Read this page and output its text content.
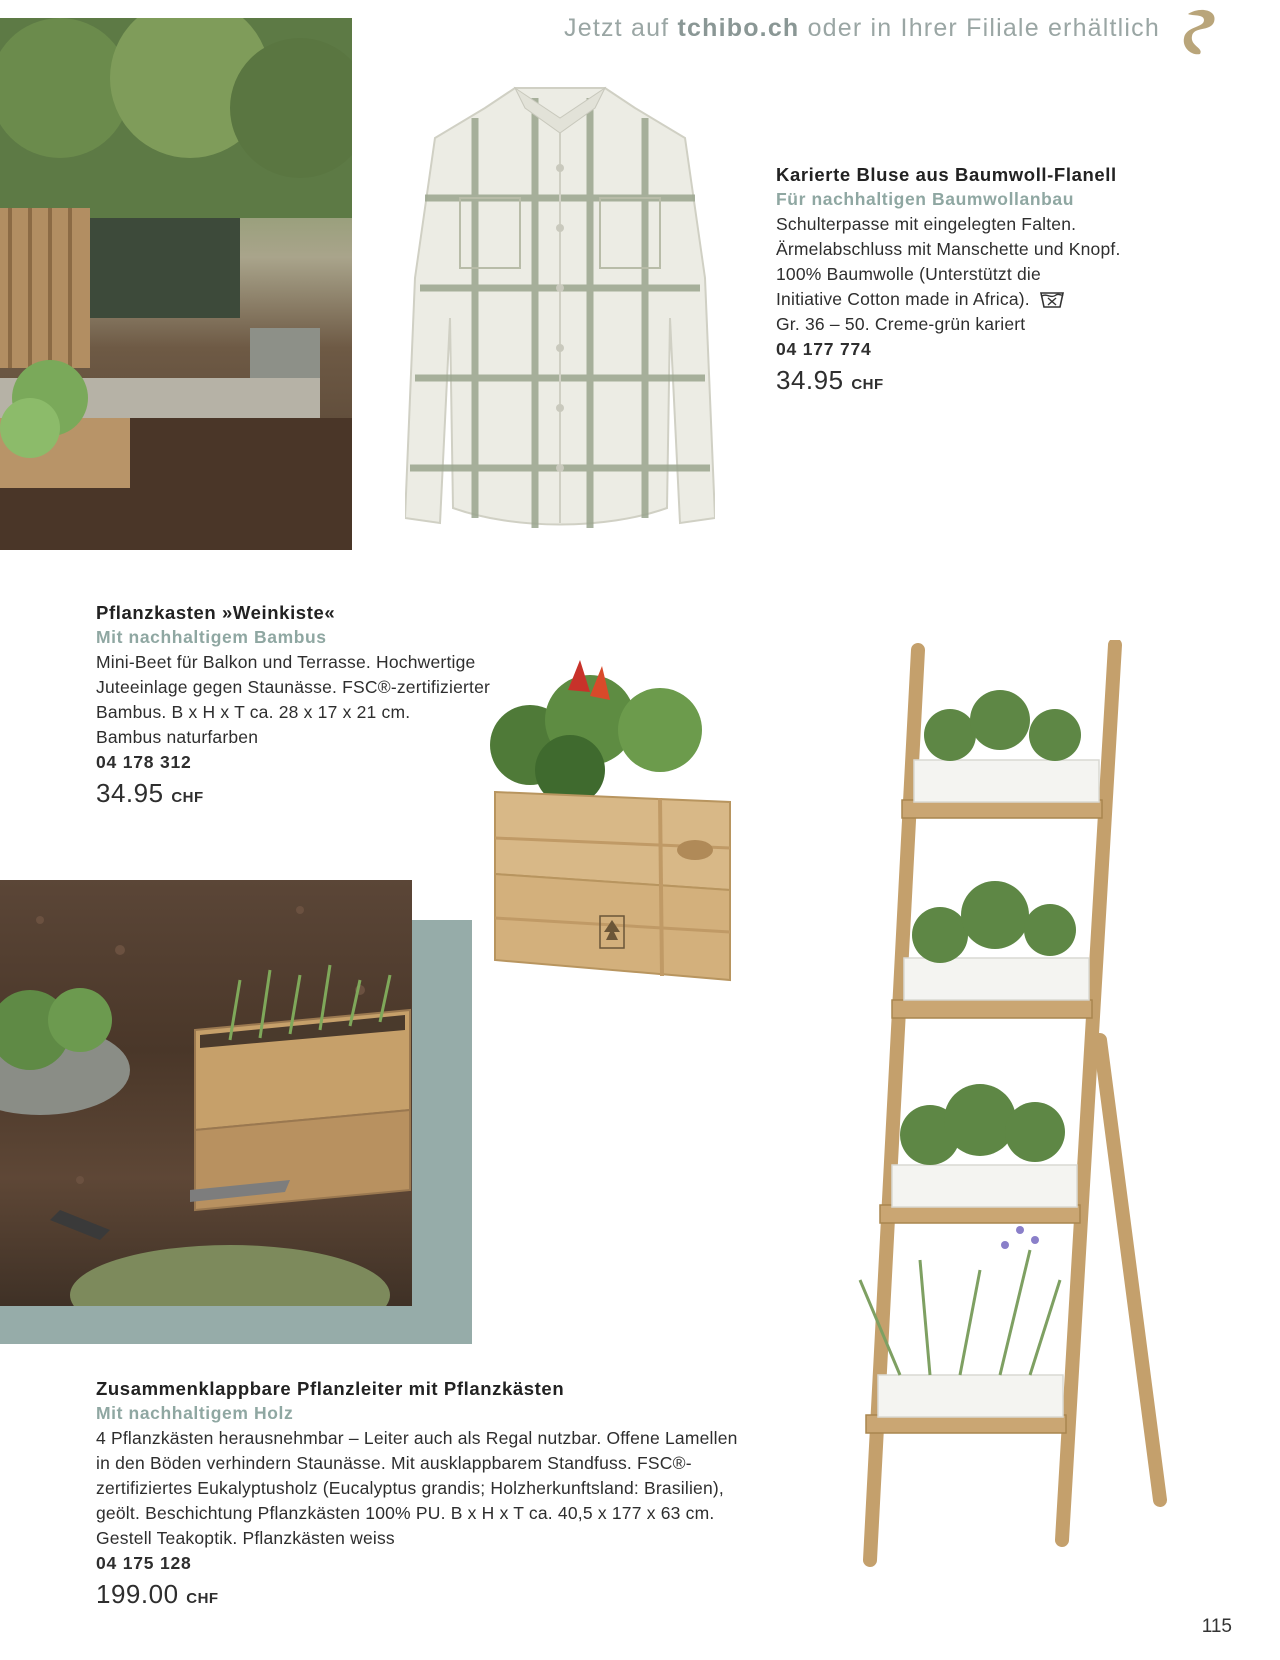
Jetzt auf tchibo.ch oder in Ihrer Filiale erhältlich
Karierte Bluse aus Baumwoll-Flanell
Für nachhaltigen Baumwollanbau
Schulterpasse mit eingelegten Falten.
Ärmelabschluss mit Manschette und Knopf.
100% Baumwolle (Unterstützt die
Initiative Cotton made in Africa).
Gr. 36 – 50. Creme-grün kariert
04 177 774
34.95 CHF
Pflanzkasten »Weinkiste«
Mit nachhaltigem Bambus
Mini-Beet für Balkon und Terrasse. Hochwertige
Juteeinlage gegen Staunässe. FSC®-zertifizierter
Bambus. B x H x T ca. 28 x 17 x 21 cm.
Bambus naturfarben
04 178 312
34.95 CHF
Zusammenklappbare Pflanzleiter mit Pflanzkästen
Mit nachhaltigem Holz
4 Pflanzkästen herausnehmbar – Leiter auch als Regal nutzbar. Offene Lamellen
in den Böden verhindern Staunässe. Mit ausklappbarem Standfuss. FSC®-
zertifiziertes Eukalyptusholz (Eucalyptus grandis; Holzherkunftsland: Brasilien),
geölt. Beschichtung Pflanzkästen 100% PU. B x H x T ca. 40,5 x 177 x 63 cm.
Gestell Teakoptik. Pflanzkästen weiss
04 175 128
199.00 CHF
115
